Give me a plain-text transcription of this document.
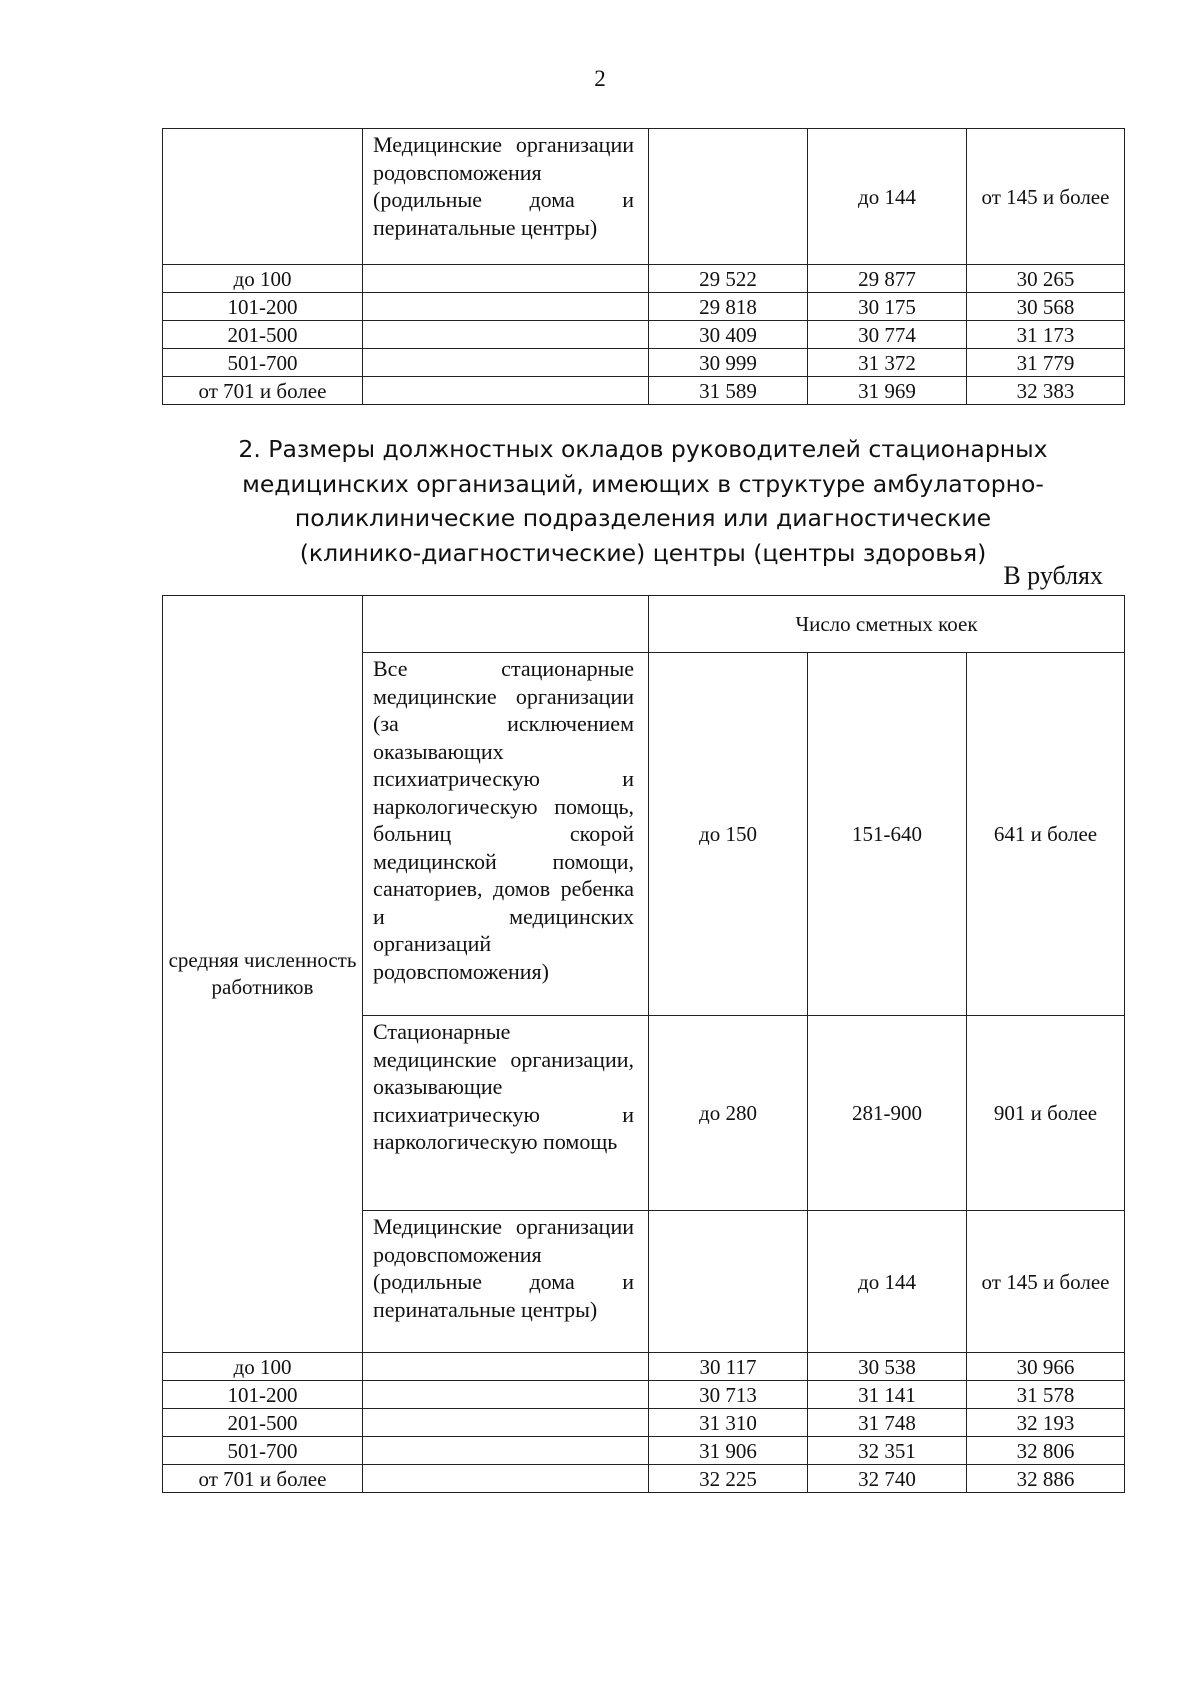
2
	Медицинские организации родовспоможения (родильные дома и перинатальные центры)		до 144	от 145 и более
до 100		29 522	29 877	30 265
101-200		29 818	30 175	30 568
201-500		30 409	30 774	31 173
501-700		30 999	31 372	31 779
от 701 и более		31 589	31 969	32 383
2. Размеры должностных окладов руководителей стационарных
медицинских организаций, имеющих в структуре амбулаторно-
поликлинические подразделения или диагностические
(клинико-диагностические) центры (центры здоровья)
В рублях
средняя численность работников		Число сметных коек		
	Все стационарные медицинские организации (за исключением оказывающих психиатрическую и наркологическую помощь, больниц скорой медицинской помощи, санаториев, домов ребенка и медицинских организаций родовспоможения)	до 150	151-640	641 и более
	Стационарные медицинские организации, оказывающие психиатрическую и наркологическую помощь	до 280	281-900	901 и более
	Медицинские организации родовспоможения (родильные дома и перинатальные центры)		до 144	от 145 и более
до 100		30 117	30 538	30 966
101-200		30 713	31 141	31 578
201-500		31 310	31 748	32 193
501-700		31 906	32 351	32 806
от 701 и более		32 225	32 740	32 886
